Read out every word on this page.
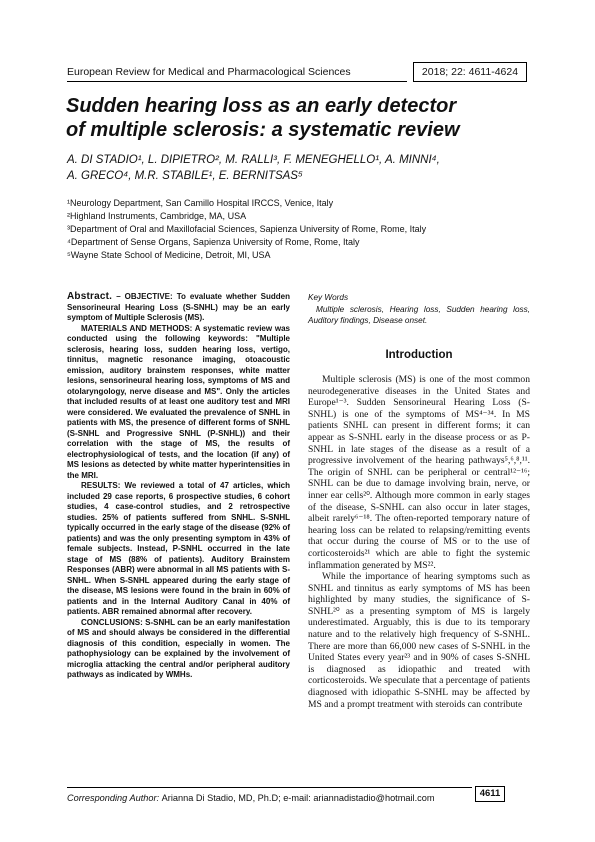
European Review for Medical and Pharmacological Sciences	2018; 22: 4611-4624
Sudden hearing loss as an early detector
of multiple sclerosis: a systematic review
A. DI STADIO¹, L. DIPIETRO², M. RALLI³, F. MENEGHELLO¹, A. MINNI⁴,
A. GRECO⁴, M.R. STABILE¹, E. BERNITSAS⁵
¹Neurology Department, San Camillo Hospital IRCCS, Venice, Italy
²Highland Instruments, Cambridge, MA, USA
³Department of Oral and Maxillofacial Sciences, Sapienza University of Rome, Rome, Italy
⁴Department of Sense Organs, Sapienza University of Rome, Rome, Italy
⁵Wayne State School of Medicine, Detroit, MI, USA

Abstract. – OBJECTIVE: To evaluate whether Sudden Sensorineural Hearing Loss (S-SNHL) may be an early symptom of Multiple Sclerosis (MS).

MATERIALS AND METHODS: A systematic review was conducted using the following keywords: "Multiple sclerosis, hearing loss, sudden hearing loss, vertigo, tinnitus, magnetic resonance imaging, otoacoustic emission, auditory brainstem responses, white matter lesions, sensorineural hearing loss, symptoms of MS and otolaryngology, nerve disease and MS". Only the articles that included results of at least one auditory test and MRI were considered. We evaluated the prevalence of SNHL in patients with MS, the presence of different forms of SNHL (S-SNHL and Progressive SNHL (P-SNHL)) and their correlation with the stage of MS, the results of electrophysiological of tests, and the location (if any) of MS lesions as detected by white matter hyperintensities in the MRI.

RESULTS: We reviewed a total of 47 articles, which included 29 case reports, 6 prospective studies, 6 cohort studies, 4 case-control studies, and 2 retrospective studies. 25% of patients suffered from SNHL. S-SNHL typically occurred in the early stage of the disease (92% of patients) and was the only presenting symptom in 43% of female subjects. Instead, P-SNHL occurred in the late stage of MS (88% of patients). Auditory Brainstem Responses (ABR) were abnormal in all MS patients with S-SNHL. When S-SNHL appeared during the early stage of the disease, MS lesions were found in the brain in 60% of patients and in the Internal Auditory Canal in 40% of patients. ABR remained abnormal after recovery.

CONCLUSIONS: S-SNHL can be an early manifestation of MS and should always be considered in the differential diagnosis of this condition, especially in women. The pathophysiology can be explained by the involvement of microglia attacking the central and/or peripheral auditory pathways as indicated by WMHs.

Key Words
Multiple sclerosis, Hearing loss, Sudden hearing loss, Auditory findings, Disease onset.
Introduction

Multiple sclerosis (MS) is one of the most common neurodegenerative diseases in the United States and Europe¹⁻³. Sudden Sensorineural Hearing Loss (S-SNHL) is one of the symptoms of MS⁴⁻³⁴. In MS patients SNHL can present in different forms; it can appear as S-SNHL early in the disease process or as P-SNHL in late stages of the disease as a result of a progressive involvement of the hearing pathways⁵,⁶,⁸,¹¹. The origin of SNHL can be peripheral or central¹²⁻¹⁶; SNHL can be due to damage involving brain, nerve, or inner ear cells²⁰. Although more common in early stages of the disease, S-SNHL can also occur in later stages, albeit rarely⁶⁻¹⁸. The often-reported temporary nature of hearing loss can be related to relapsing/remitting events that occur during the course of MS or to the use of corticosteroids²¹ which are able to fight the systemic inflammation generated by MS²².

While the importance of hearing symptoms such as SNHL and tinnitus as early symptoms of MS has been highlighted by many studies, the significance of S-SNHL²⁰ as a presenting symptom of MS is largely underestimated. Arguably, this is due to its temporary nature and to the relatively high frequency of S-SNHL. There are more than 66,000 new cases of S-SNHL in the United States every year²³ and in 90% of cases S-SNHL is diagnosed as idiopathic and treated with corticosteroids. We speculate that a percentage of patients diagnosed with idiopathic S-SNHL may be affected by MS and a prompt treatment with steroids can contribute

Corresponding Author: Arianna Di Stadio, MD, Ph.D; e-mail: ariannadistadio@hotmail.com	4611
